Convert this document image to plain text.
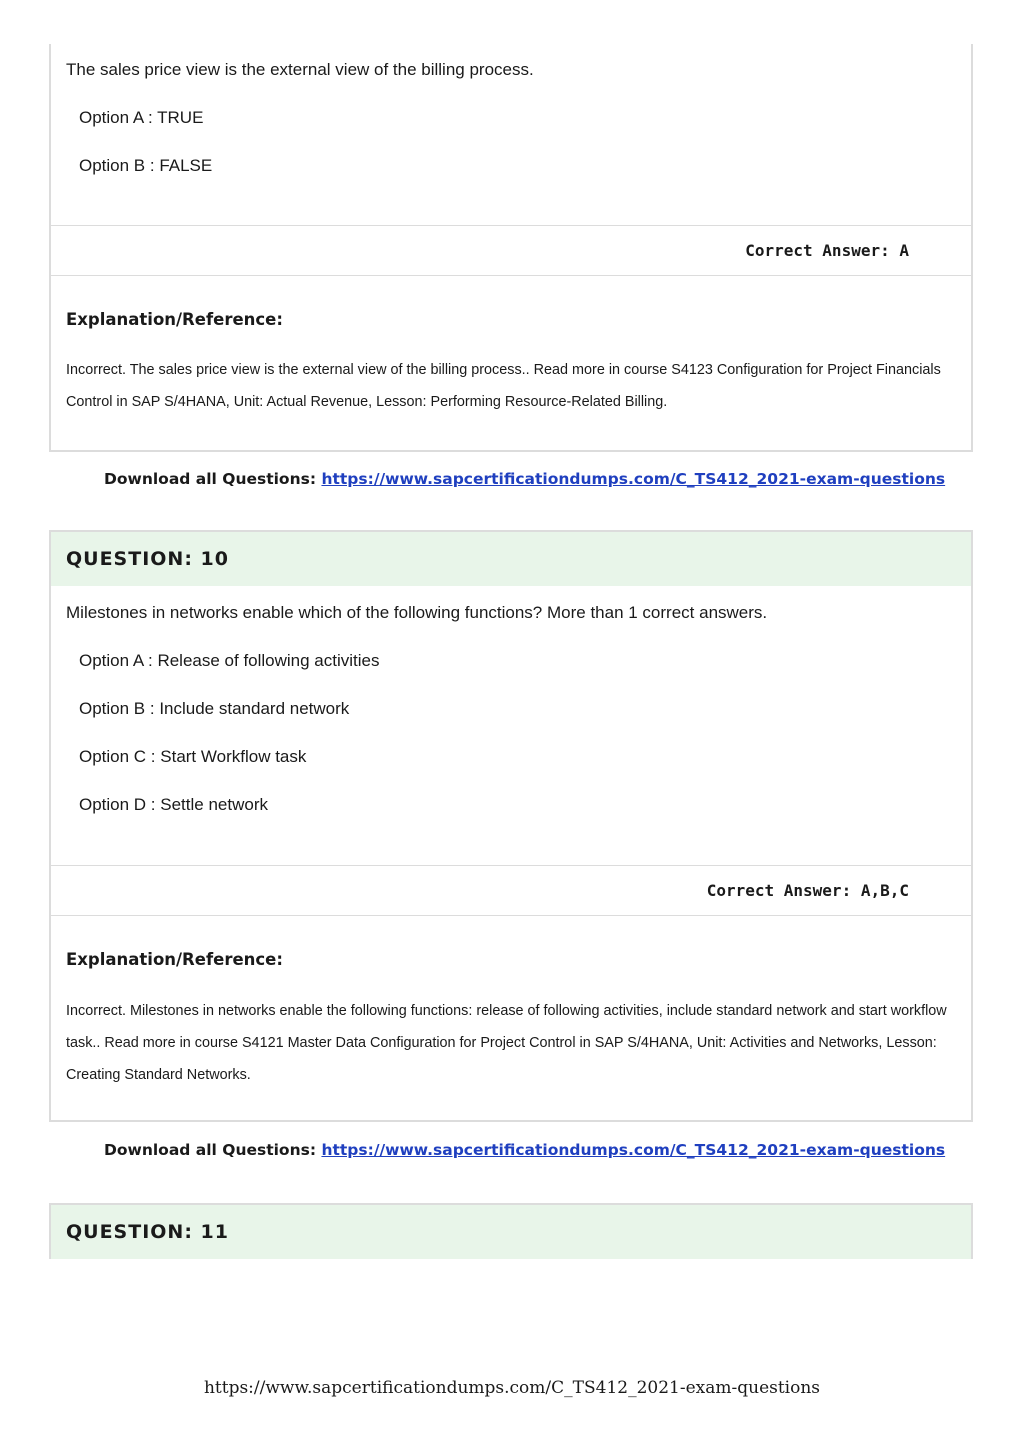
The sales price view is the external view of the billing process.
Option A : TRUE
Option B : FALSE
Correct Answer: A
Explanation/Reference:
Incorrect. The sales price view is the external view of the billing process.. Read more in course S4123 Configuration for Project Financials Control in SAP S/4HANA, Unit: Actual Revenue, Lesson: Performing Resource-Related Billing.
Download all Questions: https://www.sapcertificationdumps.com/C_TS412_2021-exam-questions
QUESTION: 10
Milestones in networks enable which of the following functions? More than 1 correct answers.
Option A : Release of following activities
Option B : Include standard network
Option C : Start Workflow task
Option D : Settle network
Correct Answer: A,B,C
Explanation/Reference:
Incorrect. Milestones in networks enable the following functions: release of following activities, include standard network and start workflow task.. Read more in course S4121 Master Data Configuration for Project Control in SAP S/4HANA, Unit: Activities and Networks, Lesson: Creating Standard Networks.
Download all Questions: https://www.sapcertificationdumps.com/C_TS412_2021-exam-questions
QUESTION: 11
https://www.sapcertificationdumps.com/C_TS412_2021-exam-questions
